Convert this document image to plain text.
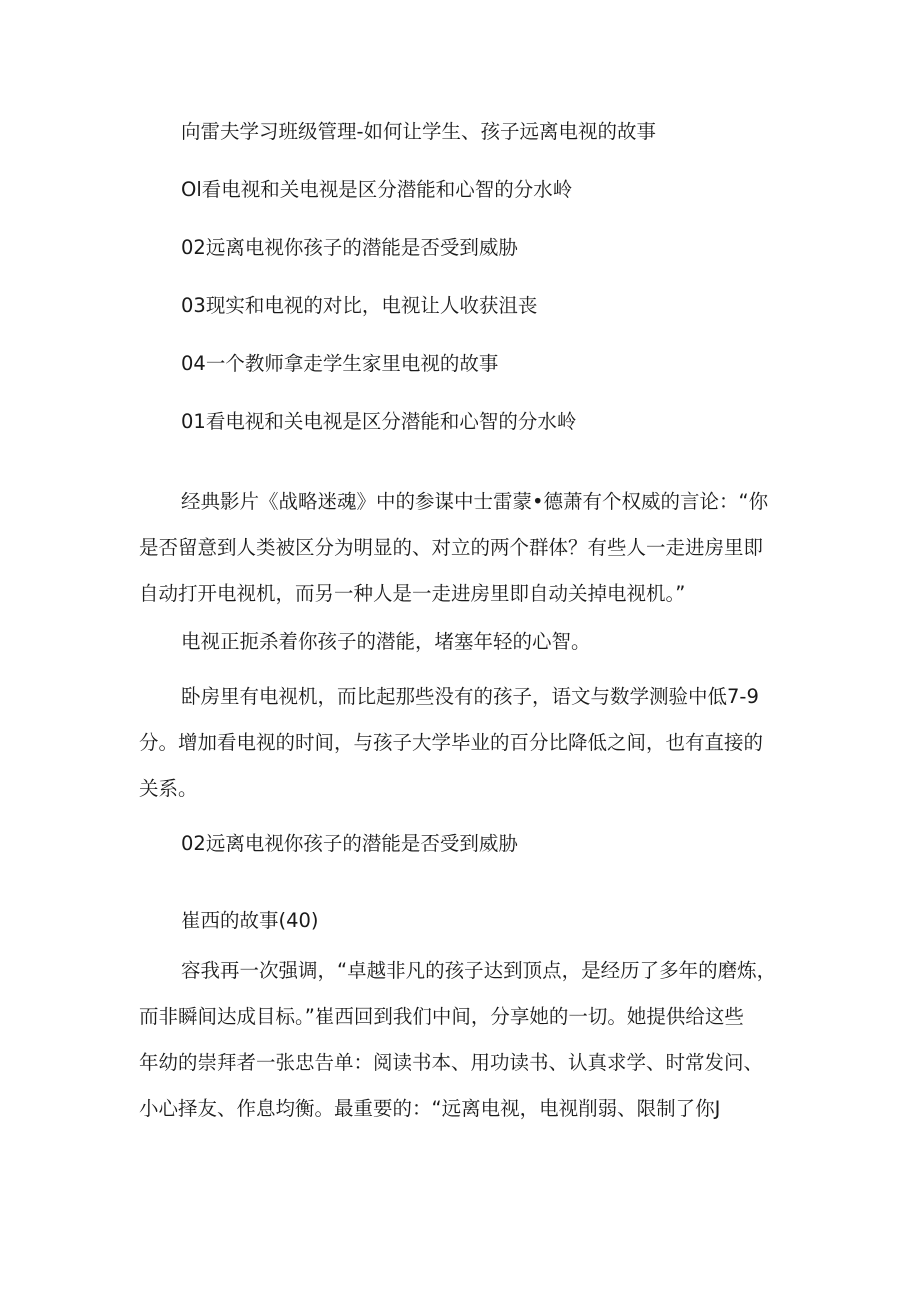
向雷夫学习班级管理-如何让学生、孩子远离电视的故事
Ol看电视和关电视是区分潜能和心智的分水岭
02远离电视你孩子的潜能是否受到威胁
03现实和电视的对比，电视让人收获沮丧
04一个教师拿走学生家里电视的故事
01看电视和关电视是区分潜能和心智的分水岭
经典影片《战略迷魂》中的参谋中士雷蒙•德萧有个权威的言论：“你
是否留意到人类被区分为明显的、对立的两个群体？有些人一走进房里即
自动打开电视机，而另一种人是一走进房里即自动关掉电视机。”
电视正扼杀着你孩子的潜能，堵塞年轻的心智。
卧房里有电视机，而比起那些没有的孩子，语文与数学测验中低7-9
分。增加看电视的时间，与孩子大学毕业的百分比降低之间，也有直接的
关系。
02远离电视你孩子的潜能是否受到威胁
崔西的故事(40)
容我再一次强调，“卓越非凡的孩子达到顶点，是经历了多年的磨炼，
而非瞬间达成目标。”崔西回到我们中间，分享她的一切。她提供给这些
年幼的崇拜者一张忠告单：阅读书本、用功读书、认真求学、时常发问、
小心择友、作息均衡。最重要的：“远离电视，电视削弱、限制了你J
